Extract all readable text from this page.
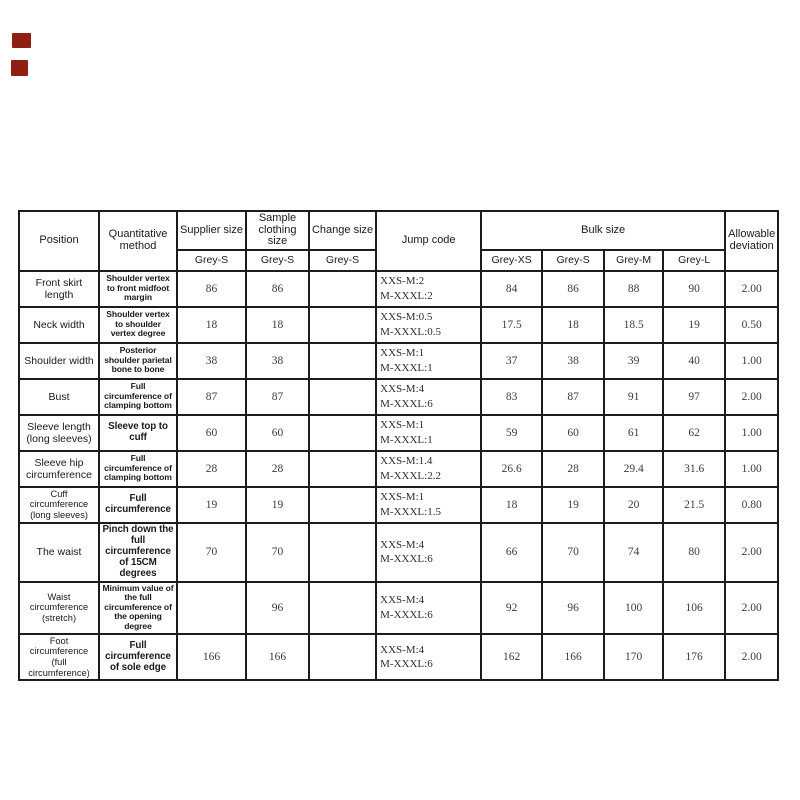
Position	Quantitative method	Supplier size	Sample clothing size	Change size	Jump code	Bulk size				Allowable deviation
		Grey-S	Grey-S	Grey-S		Grey-XS	Grey-S	Grey-M	Grey-L	
Front skirt length	Shoulder vertex to front midfoot margin	86	86		XXS-M:2
M-XXXL:2	84	86	88	90	2.00
Neck width	Shoulder vertex to shoulder vertex degree	18	18		XXS-M:0.5
M-XXXL:0.5	17.5	18	18.5	19	0.50
Shoulder width	Posterior shoulder parietal bone to bone	38	38		XXS-M:1
M-XXXL:1	37	38	39	40	1.00
Bust	Full circumference of clamping bottom	87	87		XXS-M:4
M-XXXL:6	83	87	91	97	2.00
Sleeve length (long sleeves)	Sleeve top to cuff	60	60		XXS-M:1
M-XXXL:1	59	60	61	62	1.00
Sleeve hip circumference	Full circumference of clamping bottom	28	28		XXS-M:1.4
M-XXXL:2.2	26.6	28	29.4	31.6	1.00
Cuff circumference (long sleeves)	Full circumference	19	19		XXS-M:1
M-XXXL:1.5	18	19	20	21.5	0.80
The waist	Pinch down the full circumference of 15CM degrees	70	70		XXS-M:4
M-XXXL:6	66	70	74	80	2.00
Waist circumference (stretch)	Minimum value of the full circumference of the opening degree		96		XXS-M:4
M-XXXL:6	92	96	100	106	2.00
Foot circumference (full circumference)	Full circumference of sole edge	166	166		XXS-M:4
M-XXXL:6	162	166	170	176	2.00
